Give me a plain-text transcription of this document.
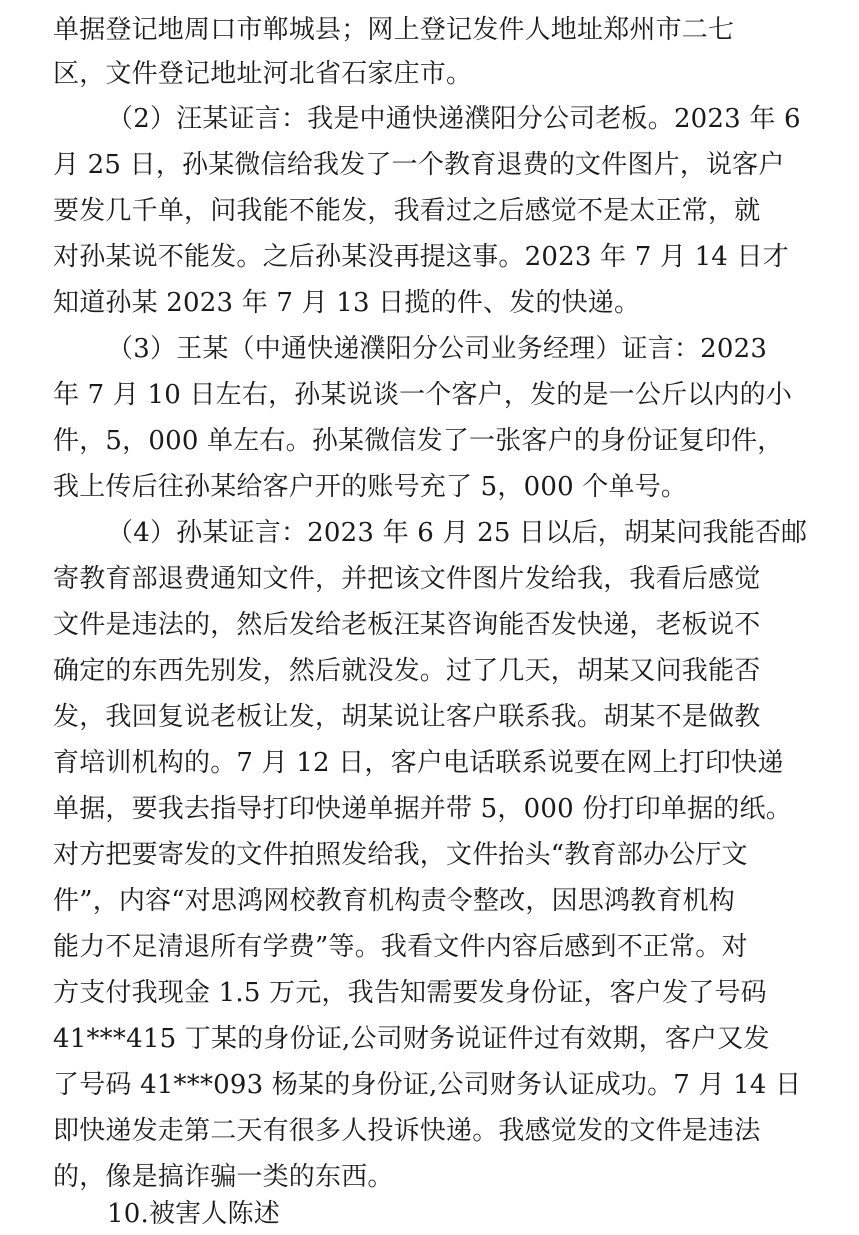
单据登记地周口市郸城县；网上登记发件人地址郑州市二七
区，文件登记地址河北省石家庄市。
（2）汪某证言：我是中通快递濮阳分公司老板。2023 年 6
月 25 日，孙某微信给我发了一个教育退费的文件图片，说客户
要发几千单，问我能不能发，我看过之后感觉不是太正常，就
对孙某说不能发。之后孙某没再提这事。2023 年 7 月 14 日才
知道孙某 2023 年 7 月 13 日揽的件、发的快递。
（3）王某（中通快递濮阳分公司业务经理）证言：2023
年 7 月 10 日左右，孙某说谈一个客户，发的是一公斤以内的小
件，5，000 单左右。孙某微信发了一张客户的身份证复印件，
我上传后往孙某给客户开的账号充了 5，000 个单号。
（4）孙某证言：2023 年 6 月 25 日以后，胡某问我能否邮
寄教育部退费通知文件，并把该文件图片发给我，我看后感觉
文件是违法的，然后发给老板汪某咨询能否发快递，老板说不
确定的东西先别发，然后就没发。过了几天，胡某又问我能否
发，我回复说老板让发，胡某说让客户联系我。胡某不是做教
育培训机构的。7 月 12 日，客户电话联系说要在网上打印快递
单据，要我去指导打印快递单据并带 5，000 份打印单据的纸。
对方把要寄发的文件拍照发给我，文件抬头“教育部办公厅文
件”，内容“对思鸿网校教育机构责令整改，因思鸿教育机构
能力不足清退所有学费”等。我看文件内容后感到不正常。对
方支付我现金 1.5 万元，我告知需要发身份证，客户发了号码
41***415 丁某的身份证,公司财务说证件过有效期，客户又发
了号码 41***093 杨某的身份证,公司财务认证成功。7 月 14 日
即快递发走第二天有很多人投诉快递。我感觉发的文件是违法
的，像是搞诈骗一类的东西。
10.被害人陈述
